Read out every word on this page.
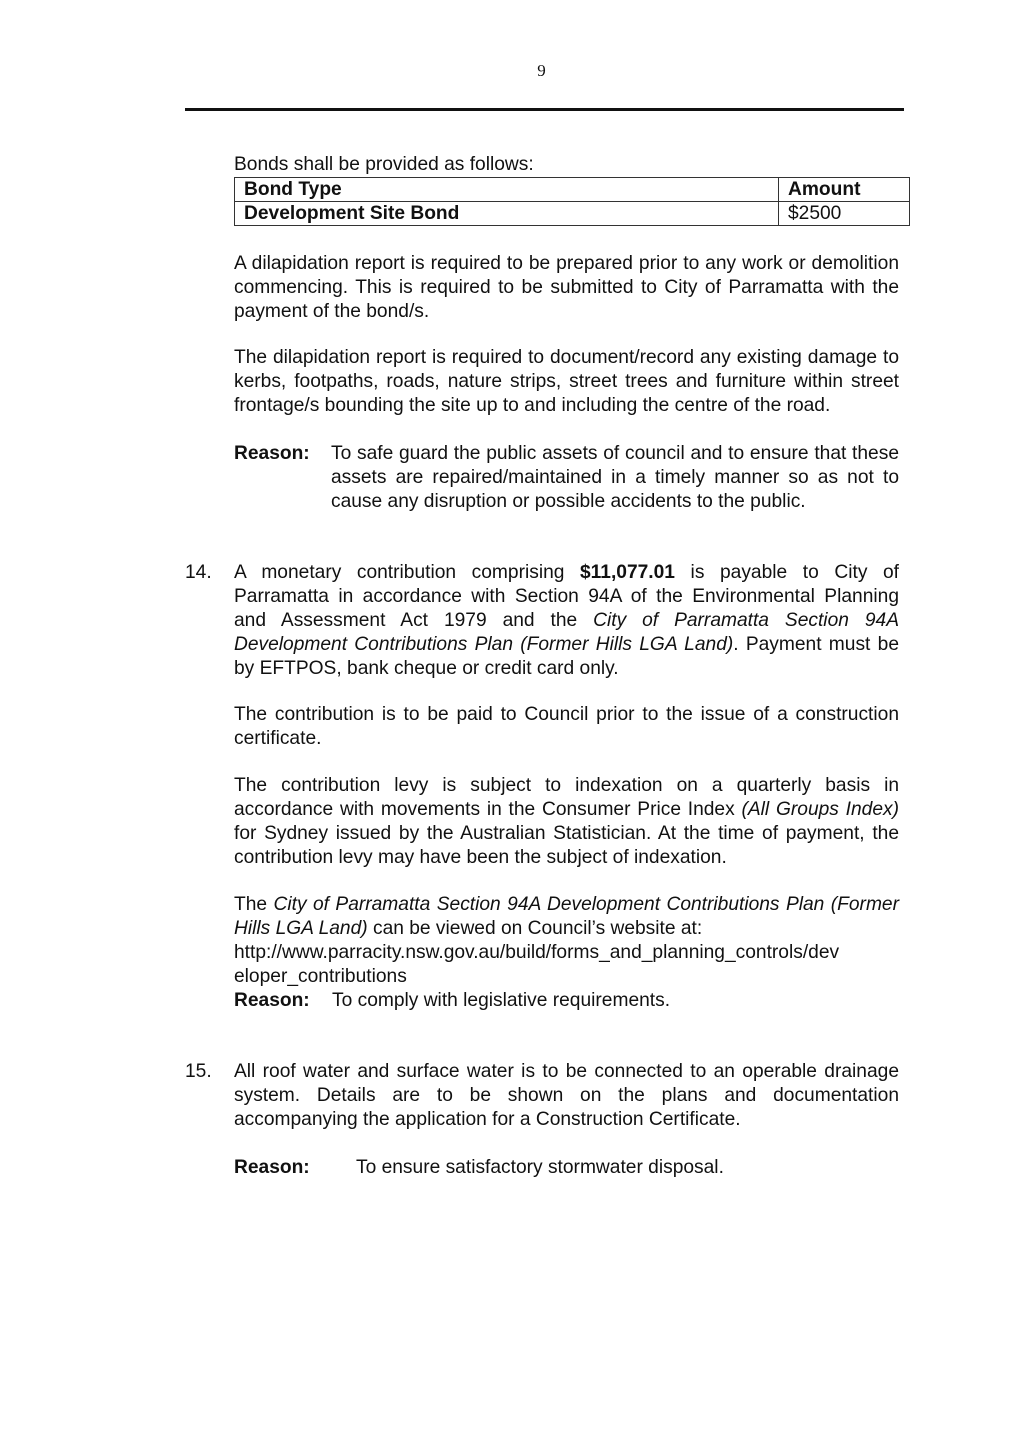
9

Bonds shall be provided as follows:

Bond Type	Amount
Development Site Bond	$2500

A dilapidation report is required to be prepared prior to any work or demolition commencing. This is required to be submitted to City of Parramatta with the payment of the bond/s.

The dilapidation report is required to document/record any existing damage to kerbs, footpaths, roads, nature strips, street trees and furniture within street frontage/s bounding the site up to and including the centre of the road.

Reason:	To safe guard the public assets of council and to ensure that these assets are repaired/maintained in a timely manner so as not to cause any disruption or possible accidents to the public.
14. A monetary contribution comprising $11,077.01 is payable to City of Parramatta in accordance with Section 94A of the Environmental Planning and Assessment Act 1979 and the City of Parramatta Section 94A Development Contributions Plan (Former Hills LGA Land). Payment must be by EFTPOS, bank cheque or credit card only.

The contribution is to be paid to Council prior to the issue of a construction certificate.

The contribution levy is subject to indexation on a quarterly basis in accordance with movements in the Consumer Price Index (All Groups Index) for Sydney issued by the Australian Statistician. At the time of payment, the contribution levy may have been the subject of indexation.

The City of Parramatta Section 94A Development Contributions Plan (Former Hills LGA Land) can be viewed on Council’s website at:

http://www.parracity.nsw.gov.au/build/forms_and_planning_controls/dev
eloper_contributions
Reason:	To comply with legislative requirements.
15. All roof water and surface water is to be connected to an operable drainage system. Details are to be shown on the plans and documentation accompanying the application for a Construction Certificate.

Reason:	To ensure satisfactory stormwater disposal.
